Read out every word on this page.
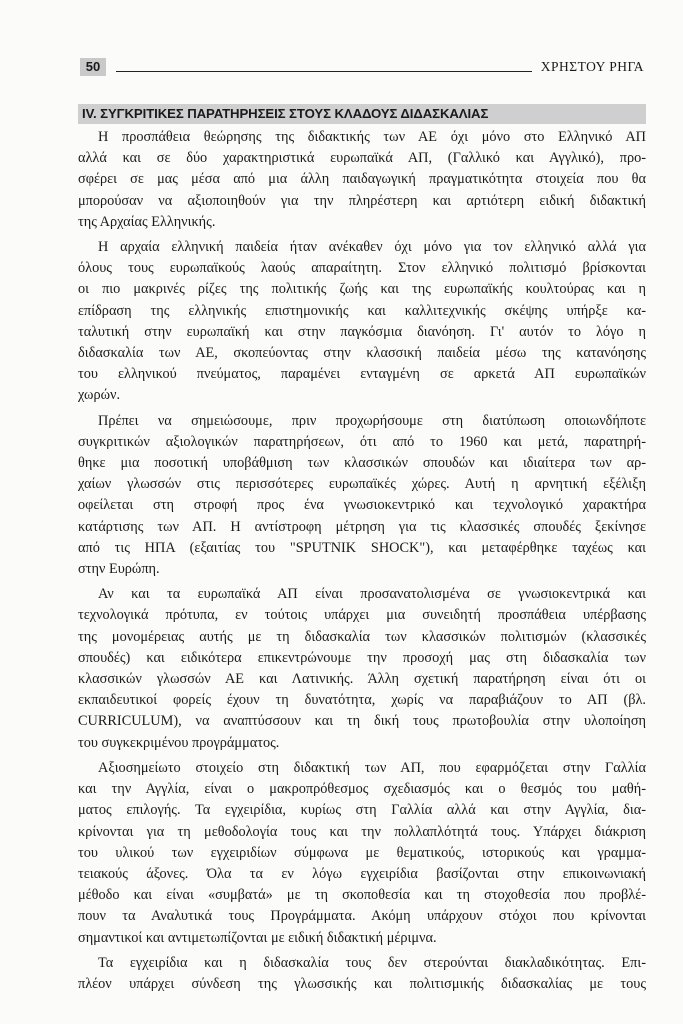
50	ΧΡΗΣΤΟΥ ΡΗΓΑ
IV. ΣΥΓΚΡΙΤΙΚΕΣ ΠΑΡΑΤΗΡΗΣΕΙΣ ΣΤΟΥΣ ΚΛΑΔΟΥΣ ΔΙΔΑΣΚΑΛΙΑΣ

Η προσπάθεια θεώρησης της διδακτικής των ΑΕ όχι μόνο στο Ελληνικό ΑΠ

αλλά και σε δύο χαρακτηριστικά ευρωπαϊκά ΑΠ, (Γαλλικό και Αγγλικό), προ-

σφέρει σε μας μέσα από μια άλλη παιδαγωγική πραγματικότητα στοιχεία που θα

μπορούσαν να αξιοποιηθούν για την πληρέστερη και αρτιότερη ειδική διδακτική

της Αρχαίας Ελληνικής.

Η αρχαία ελληνική παιδεία ήταν ανέκαθεν όχι μόνο για τον ελληνικό αλλά για

όλους τους ευρωπαϊκούς λαούς απαραίτητη. Στον ελληνικό πολιτισμό βρίσκονται

οι πιο μακρινές ρίζες της πολιτικής ζωής και της ευρωπαϊκής κουλτούρας και η

επίδραση της ελληνικής επιστημονικής και καλλιτεχνικής σκέψης υπήρξε κα-

ταλυτική στην ευρωπαϊκή και στην παγκόσμια διανόηση. Γι' αυτόν το λόγο η

διδασκαλία των ΑΕ, σκοπεύοντας στην κλασσική παιδεία μέσω της κατανόησης

του ελληνικού πνεύματος, παραμένει ενταγμένη σε αρκετά ΑΠ ευρωπαϊκών

χωρών.

Πρέπει να σημειώσουμε, πριν προχωρήσουμε στη διατύπωση οποιωνδήποτε

συγκριτικών αξιολογικών παρατηρήσεων, ότι από το 1960 και μετά, παρατηρή-

θηκε μια ποσοτική υποβάθμιση των κλασσικών σπουδών και ιδιαίτερα των αρ-

χαίων γλωσσών στις περισσότερες ευρωπαϊκές χώρες. Αυτή η αρνητική εξέλιξη

οφείλεται στη στροφή προς ένα γνωσιοκεντρικό και τεχνολογικό χαρακτήρα

κατάρτισης των ΑΠ. Η αντίστροφη μέτρηση για τις κλασσικές σπουδές ξεκίνησε

από τις ΗΠΑ (εξαιτίας του "SPUTNIK SHOCK"), και μεταφέρθηκε ταχέως και

στην Ευρώπη.

Αν και τα ευρωπαϊκά ΑΠ είναι προσανατολισμένα σε γνωσιοκεντρικά και

τεχνολογικά πρότυπα, εν τούτοις υπάρχει μια συνειδητή προσπάθεια υπέρβασης

της μονομέρειας αυτής με τη διδασκαλία των κλασσικών πολιτισμών (κλασσικές

σπουδές) και ειδικότερα επικεντρώνουμε την προσοχή μας στη διδασκαλία των

κλασσικών γλωσσών ΑΕ και Λατινικής. Άλλη σχετική παρατήρηση είναι ότι οι

εκπαιδευτικοί φορείς έχουν τη δυνατότητα, χωρίς να παραβιάζουν το ΑΠ (βλ.

CURRICULUM), να αναπτύσσουν και τη δική τους πρωτοβουλία στην υλοποίηση

του συγκεκριμένου προγράμματος.

Αξιοσημείωτο στοιχείο στη διδακτική των ΑΠ, που εφαρμόζεται στην Γαλλία

και την Αγγλία, είναι ο μακροπρόθεσμος σχεδιασμός και ο θεσμός του μαθή-

ματος επιλογής. Τα εγχειρίδια, κυρίως στη Γαλλία αλλά και στην Αγγλία, δια-

κρίνονται για τη μεθοδολογία τους και την πολλαπλότητά τους. Υπάρχει διάκριση

του υλικού των εγχειριδίων σύμφωνα με θεματικούς, ιστορικούς και γραμμα-

τειακούς άξονες. Όλα τα εν λόγω εγχειρίδια βασίζονται στην επικοινωνιακή

μέθοδο και είναι «συμβατά» με τη σκοποθεσία και τη στοχοθεσία που προβλέ-

πουν τα Αναλυτικά τους Προγράμματα. Ακόμη υπάρχουν στόχοι που κρίνονται

σημαντικοί και αντιμετωπίζονται με ειδική διδακτική μέριμνα.

Τα εγχειρίδια και η διδασκαλία τους δεν στερούνται διακλαδικότητας. Επι-

πλέον υπάρχει σύνδεση της γλωσσικής και πολιτισμικής διδασκαλίας με τους
